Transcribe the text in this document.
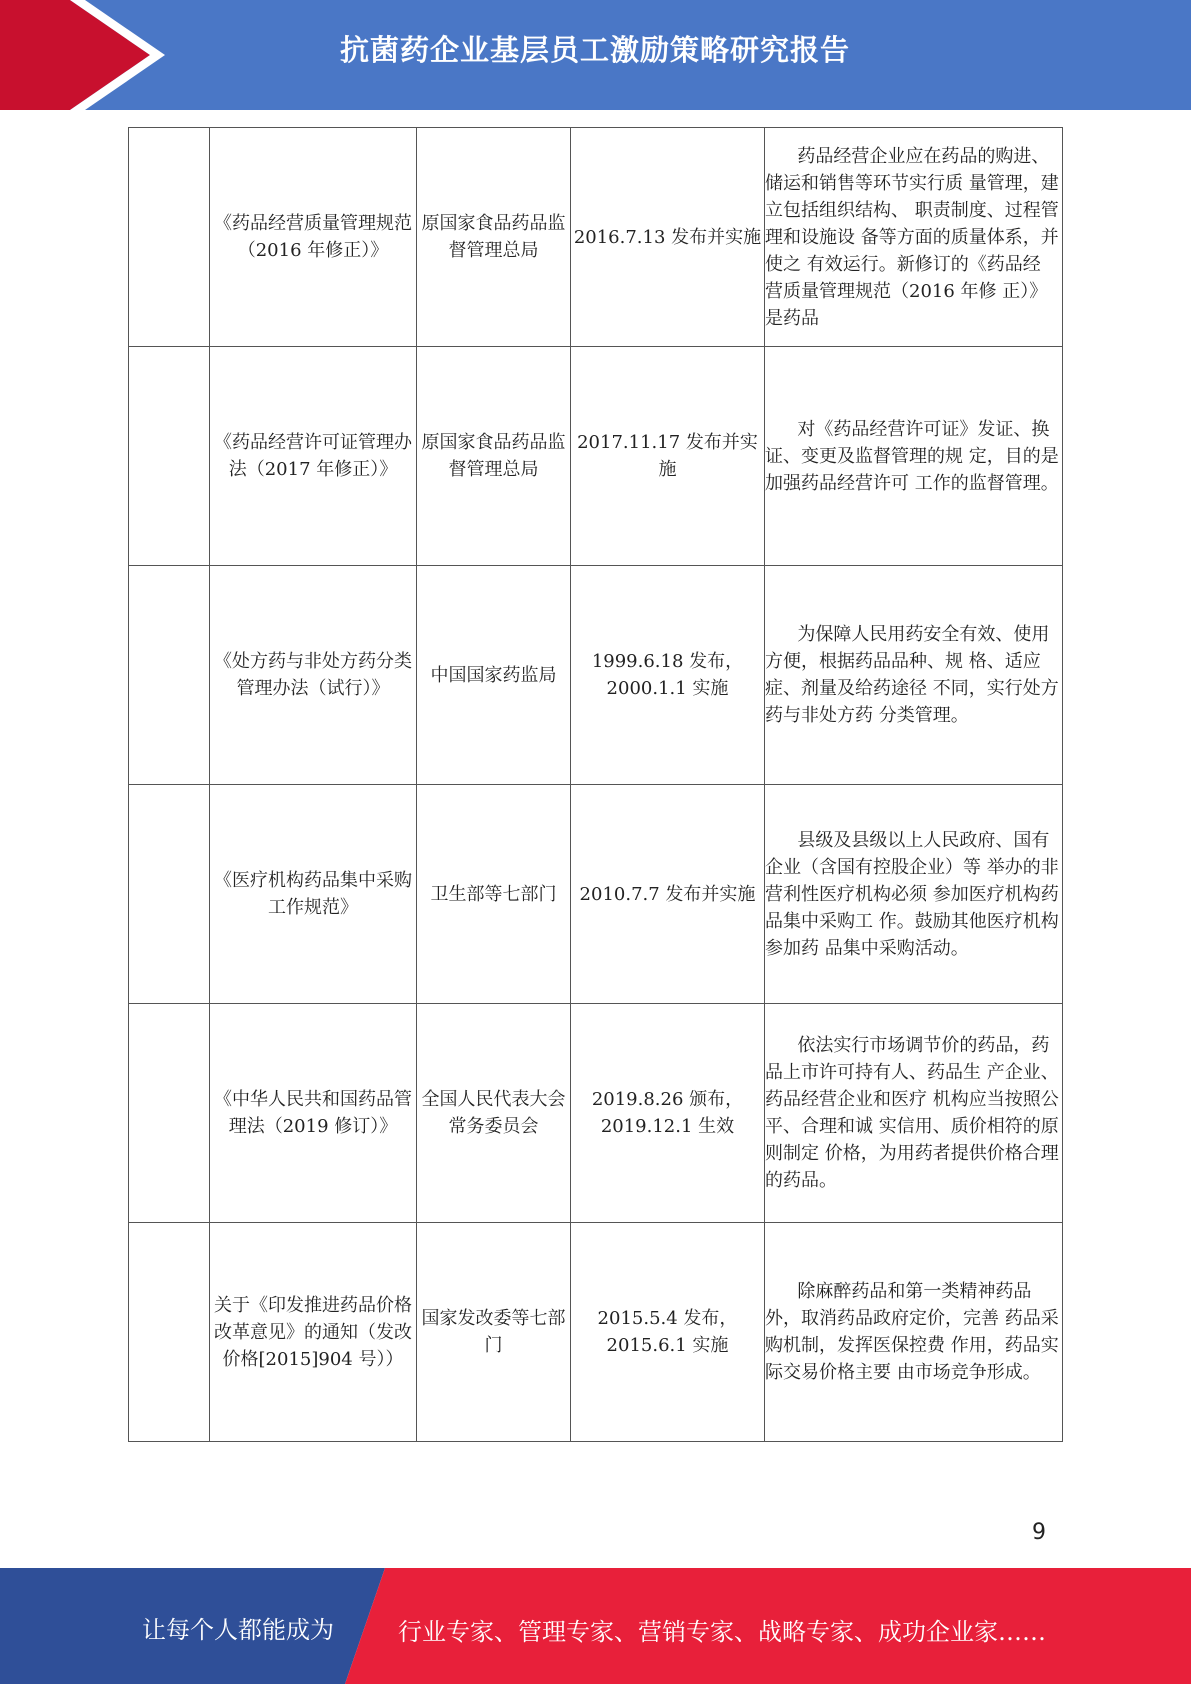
抗菌药企业基层员工激励策略研究报告
	《药品经营质量管理规范（2016 年修正）》	原国家食品药品监督管理总局	2016.7.13 发布并实施	药品经营企业应在药品的购进、储运和销售等环节实行质 量管理，建立包括组织结构、 职责制度、过程管理和设施设 备等方面的质量体系，并使之 有效运行。新修订的《药品经 营质量管理规范（2016 年修 正）》是药品
	《药品经营许可证管理办法（2017 年修正）》	原国家食品药品监督管理总局	2017.11.17 发布并实施	对《药品经营许可证》发证、换证、变更及监督管理的规 定，目的是加强药品经营许可 工作的监督管理。
	《处方药与非处方药分类管理办法（试行）》	中国国家药监局	1999.6.18 发布，2000.1.1 实施	为保障人民用药安全有效、使用方便，根据药品品种、规 格、适应症、剂量及给药途径 不同，实行处方药与非处方药 分类管理。
	《医疗机构药品集中采购工作规范》	卫生部等七部门	2010.7.7 发布并实施	县级及县级以上人民政府、国有企业（含国有控股企业）等 举办的非营利性医疗机构必须 参加医疗机构药品集中采购工 作。鼓励其他医疗机构参加药 品集中采购活动。
	《中华人民共和国药品管理法（2019 修订）》	全国人民代表大会常务委员会	2019.8.26 颁布，2019.12.1 生效	依法实行市场调节价的药品，药品上市许可持有人、药品生 产企业、药品经营企业和医疗 机构应当按照公平、合理和诚 实信用、质价相符的原则制定 价格，为用药者提供价格合理 的药品。
	关于《印发推进药品价格改革意见》的通知（发改价格[2015]904 号））	国家发改委等七部门	2015.5.4 发布，2015.6.1 实施	除麻醉药品和第一类精神药品外，取消药品政府定价，完善 药品采购机制，发挥医保控费 作用，药品实际交易价格主要 由市场竞争形成。
9
让每个人都能成为	行业专家、管理专家、营销专家、战略专家、成功企业家……
